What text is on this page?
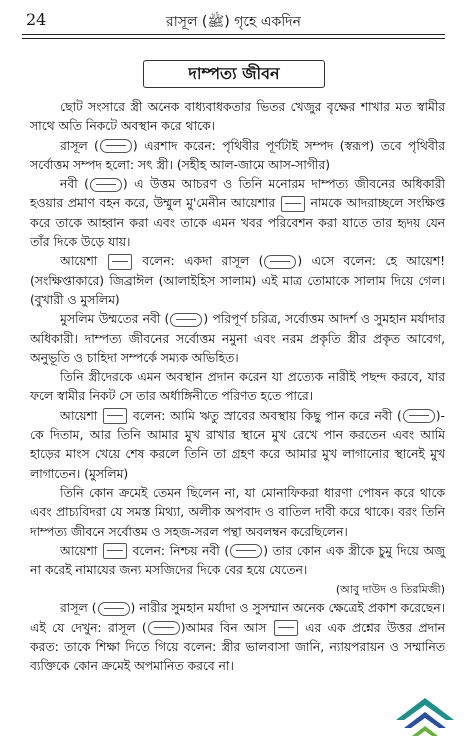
24	রাসূল (ﷺ) গৃহে একদিন
দাম্পত্য জীবন

ছোট সংসারে স্ত্রী অনেক বাধ্যবাধকতার ভিতর খেজুর বৃক্ষের শাখার মত স্বামীর সাথে অতি নিকটে অবস্থান করে থাকে।

রাসূল (	) এরশাদ করেন: পৃথিবীর পূর্ণটাই সম্পদ (স্বরূপ) তবে পৃথিবীর সর্বোত্তম সম্পদ হলো: সৎ স্ত্রী। (সহীহ আল-জামে আস-সাগীর)

নবী (	) এ উত্তম আচরণ ও তিনি মনোরম দাম্পত্য জীবনের অধিকারী হওয়ার প্রমাণ বহন করে, উম্মুল মু'মেনীন আয়েশার  নামকে আদরাচ্ছলে সংক্ষিপ্ত করে তাকে আহ্বান করা এবং তাকে এমন খবর পরিবেশন করা যাতে তার হৃদয় যেন তাঁর দিকে উড়ে যায়।

আয়েশা  বলেন: একদা রাসূল (	) এসে বলেন: হে আয়েশ! (সংক্ষিপ্তাকারে) জিব্রাঈল (আলাইহিস সালাম) এই মাত্র তোমাকে সালাম দিয়ে গেল। (বুখারী ও মুসলিম)

মুসলিম উম্মতের নবী (	) পরিপূর্ণ চরিত্র, সর্বোত্তম আদর্শ ও সুমহান মর্যাদার অধিকারী। দাম্পত্য জীবনের সর্বোত্তম নমুনা এবং নরম প্রকৃতি স্ত্রীর প্রকৃত আবেগ, অনুভূতি ও চাহিদা সম্পর্কে সম্যক অভিহিত।

তিনি স্ত্রীদেরকে এমন অবস্থান প্রদান করেন যা প্রত্যেক নারীই পছন্দ করবে, যার ফলে স্বামীর নিকট সে তার অর্ধাঙ্গিনীতে পরিণত হতে পারে।

আয়েশা  বলেন: আমি ঋতু স্রাবের অবস্থায় কিছু পান করে নবী (	)-কে দিতাম, আর তিনি আমার মুখ রাখার স্থানে মুখ রেখে পান করতেন এবং আমি হাড়ের মাংস খেয়ে শেষ করলে তিনি তা গ্রহণ করে আমার মুখ লাগানোর স্থানেই মুখ লাগাতেন। (মুসলিম)

তিনি কোন ক্রমেই তেমন ছিলেন না, যা মোনাফিকরা ধারণা পোষন করে থাকে এবং প্রাচ্যবিদরা যে সমস্ত মিথ্যা, অলীক অপবাদ ও বাতিল দাবী করে থাকে। বরং তিনি দাম্পত্য জীবনে সর্বোত্তম ও সহজ-সরল পন্থা অবলম্বন করেছিলেন।

আয়েশা  বলেন: নিশ্চয় নবী (	) তার কোন এক স্ত্রীকে চুমু দিয়ে অজু না করেই নামাযের জন্য মসজিদের দিকে বের হয়ে যেতেন।

(আবু দাউদ ও তিরমিজী)

রাসূল (	) নারীর সুমহান মর্যাদা ও সুসম্মান অনেক ক্ষেত্রেই প্রকাশ করেছেন। এই যে দেখুন: রাসূল (	)আমর বিন আস  এর এক প্রশ্নের উত্তর প্রদান করত: তাকে শিক্ষা দিতে গিয়ে বলেন: স্ত্রীর ভালবাসা জানি, ন্যায়পরায়ন ও সম্মানিত ব্যক্তিকে কোন ক্রমেই অপমানিত করবে না।
